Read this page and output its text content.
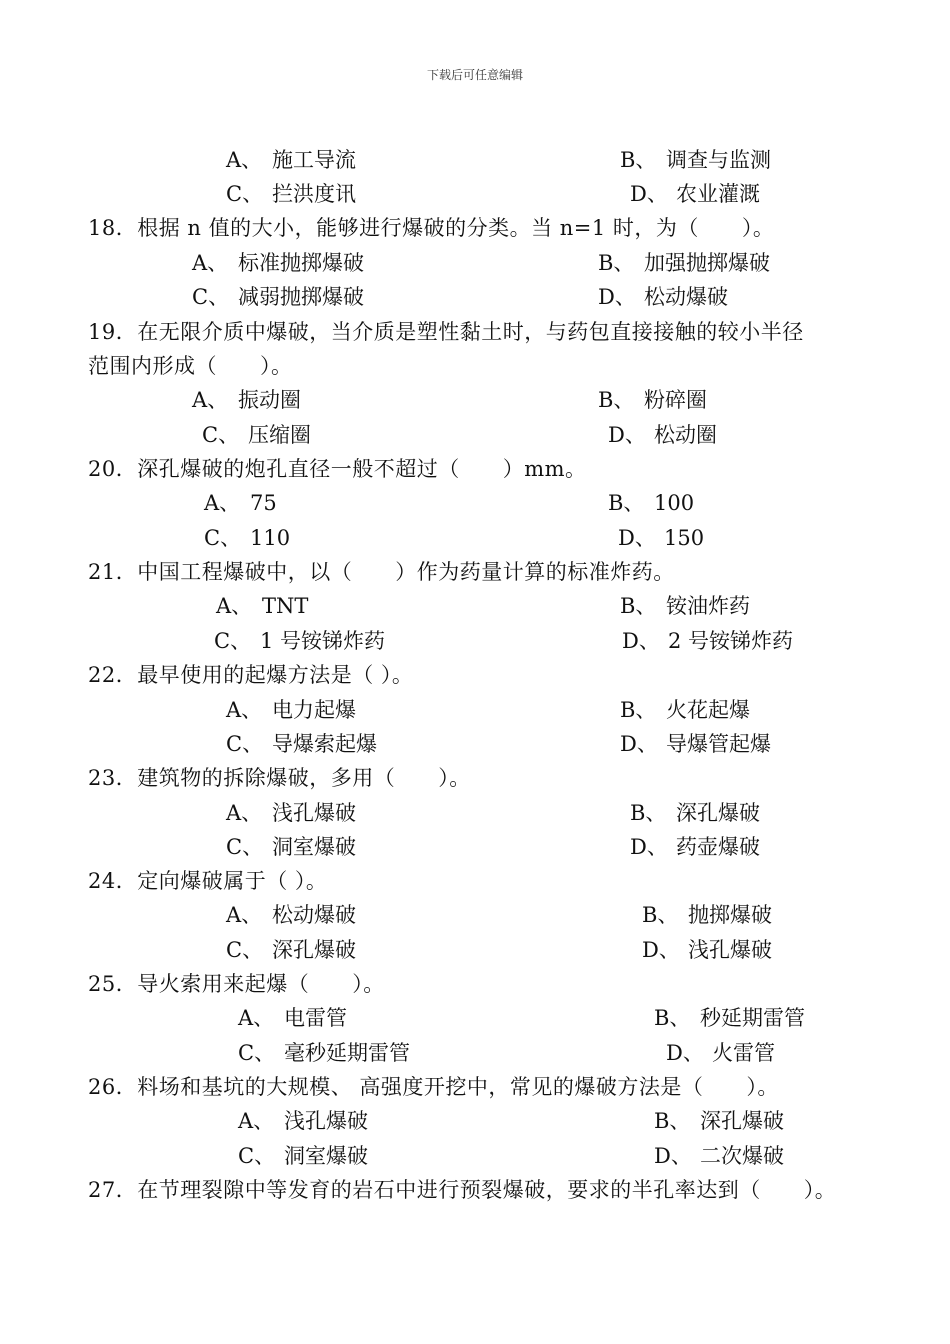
下载后可任意编辑
A、 施工导流	B、 调查与监测
C、 拦洪度讯	D、 农业灌溉
18．根据 n 值的大小，能够进行爆破的分类。当 n=1 时，为（　　）。
A、 标准抛掷爆破	B、 加强抛掷爆破
C、 减弱抛掷爆破	D、 松动爆破
19．在无限介质中爆破，当介质是塑性黏土时，与药包直接接触的较小半径
范围内形成（　　）。
A、 振动圈	B、 粉碎圈
C、 压缩圈	D、 松动圈
20．深孔爆破的炮孔直径一般不超过（　　）mm。
A、 75	B、 100
C、 110	D、 150
21．中国工程爆破中，以（　　）作为药量计算的标准炸药。
A、 TNT	B、 铵油炸药
C、 1 号铵锑炸药	D、 2 号铵锑炸药
22．最早使用的起爆方法是（ ）。
A、 电力起爆	B、 火花起爆
C、 导爆索起爆	D、 导爆管起爆
23．建筑物的拆除爆破，多用（　　）。
A、 浅孔爆破	B、 深孔爆破
C、 洞室爆破	D、 药壶爆破
24．定向爆破属于（ ）。
A、 松动爆破	B、 抛掷爆破
C、 深孔爆破	D、 浅孔爆破
25．导火索用来起爆（　　）。
A、 电雷管	B、 秒延期雷管
C、 毫秒延期雷管	D、 火雷管
26．料场和基坑的大规模、 高强度开挖中，常见的爆破方法是（　　）。
A、 浅孔爆破	B、 深孔爆破
C、 洞室爆破	D、 二次爆破
27．在节理裂隙中等发育的岩石中进行预裂爆破，要求的半孔率达到（　　）。
